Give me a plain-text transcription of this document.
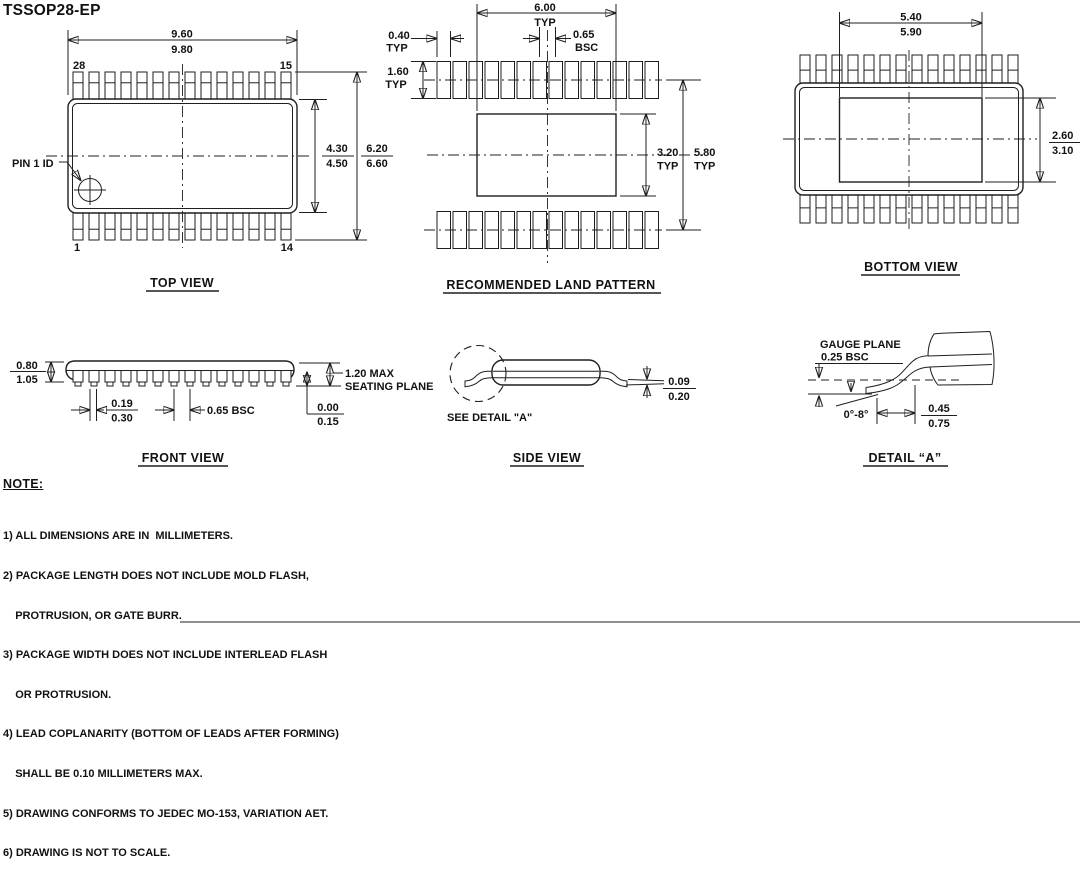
TSSOP28-EP
PIN 1 ID
28	15
1	14
9.60
9.80
4.30
4.50
6.20
6.60
TOP VIEW
6.00
TYP
0.40
TYP
0.65
BSC
1.60
TYP
3.20
TYP
5.80
TYP
RECOMMENDED LAND PATTERN
5.40
5.90
2.60
3.10
BOTTOM VIEW
0.80
1.05
0.19
0.30
0.65 BSC
1.20 MAX
SEATING PLANE
0.00
0.15
FRONT VIEW
SEE DETAIL "A"
0.09
0.20
SIDE VIEW
GAUGE PLANE
0.25 BSC
0°-8°	0.45
0.75
DETAIL “A”
NOTE:

1) ALL DIMENSIONS ARE IN  MILLIMETERS.

2) PACKAGE LENGTH DOES NOT INCLUDE MOLD FLASH,

PROTRUSION, OR GATE BURR.

3) PACKAGE WIDTH DOES NOT INCLUDE INTERLEAD FLASH

OR PROTRUSION.

4) LEAD COPLANARITY (BOTTOM OF LEADS AFTER FORMING)

SHALL BE 0.10 MILLIMETERS MAX.

5) DRAWING CONFORMS TO JEDEC MO-153, VARIATION AET.

6) DRAWING IS NOT TO SCALE.
